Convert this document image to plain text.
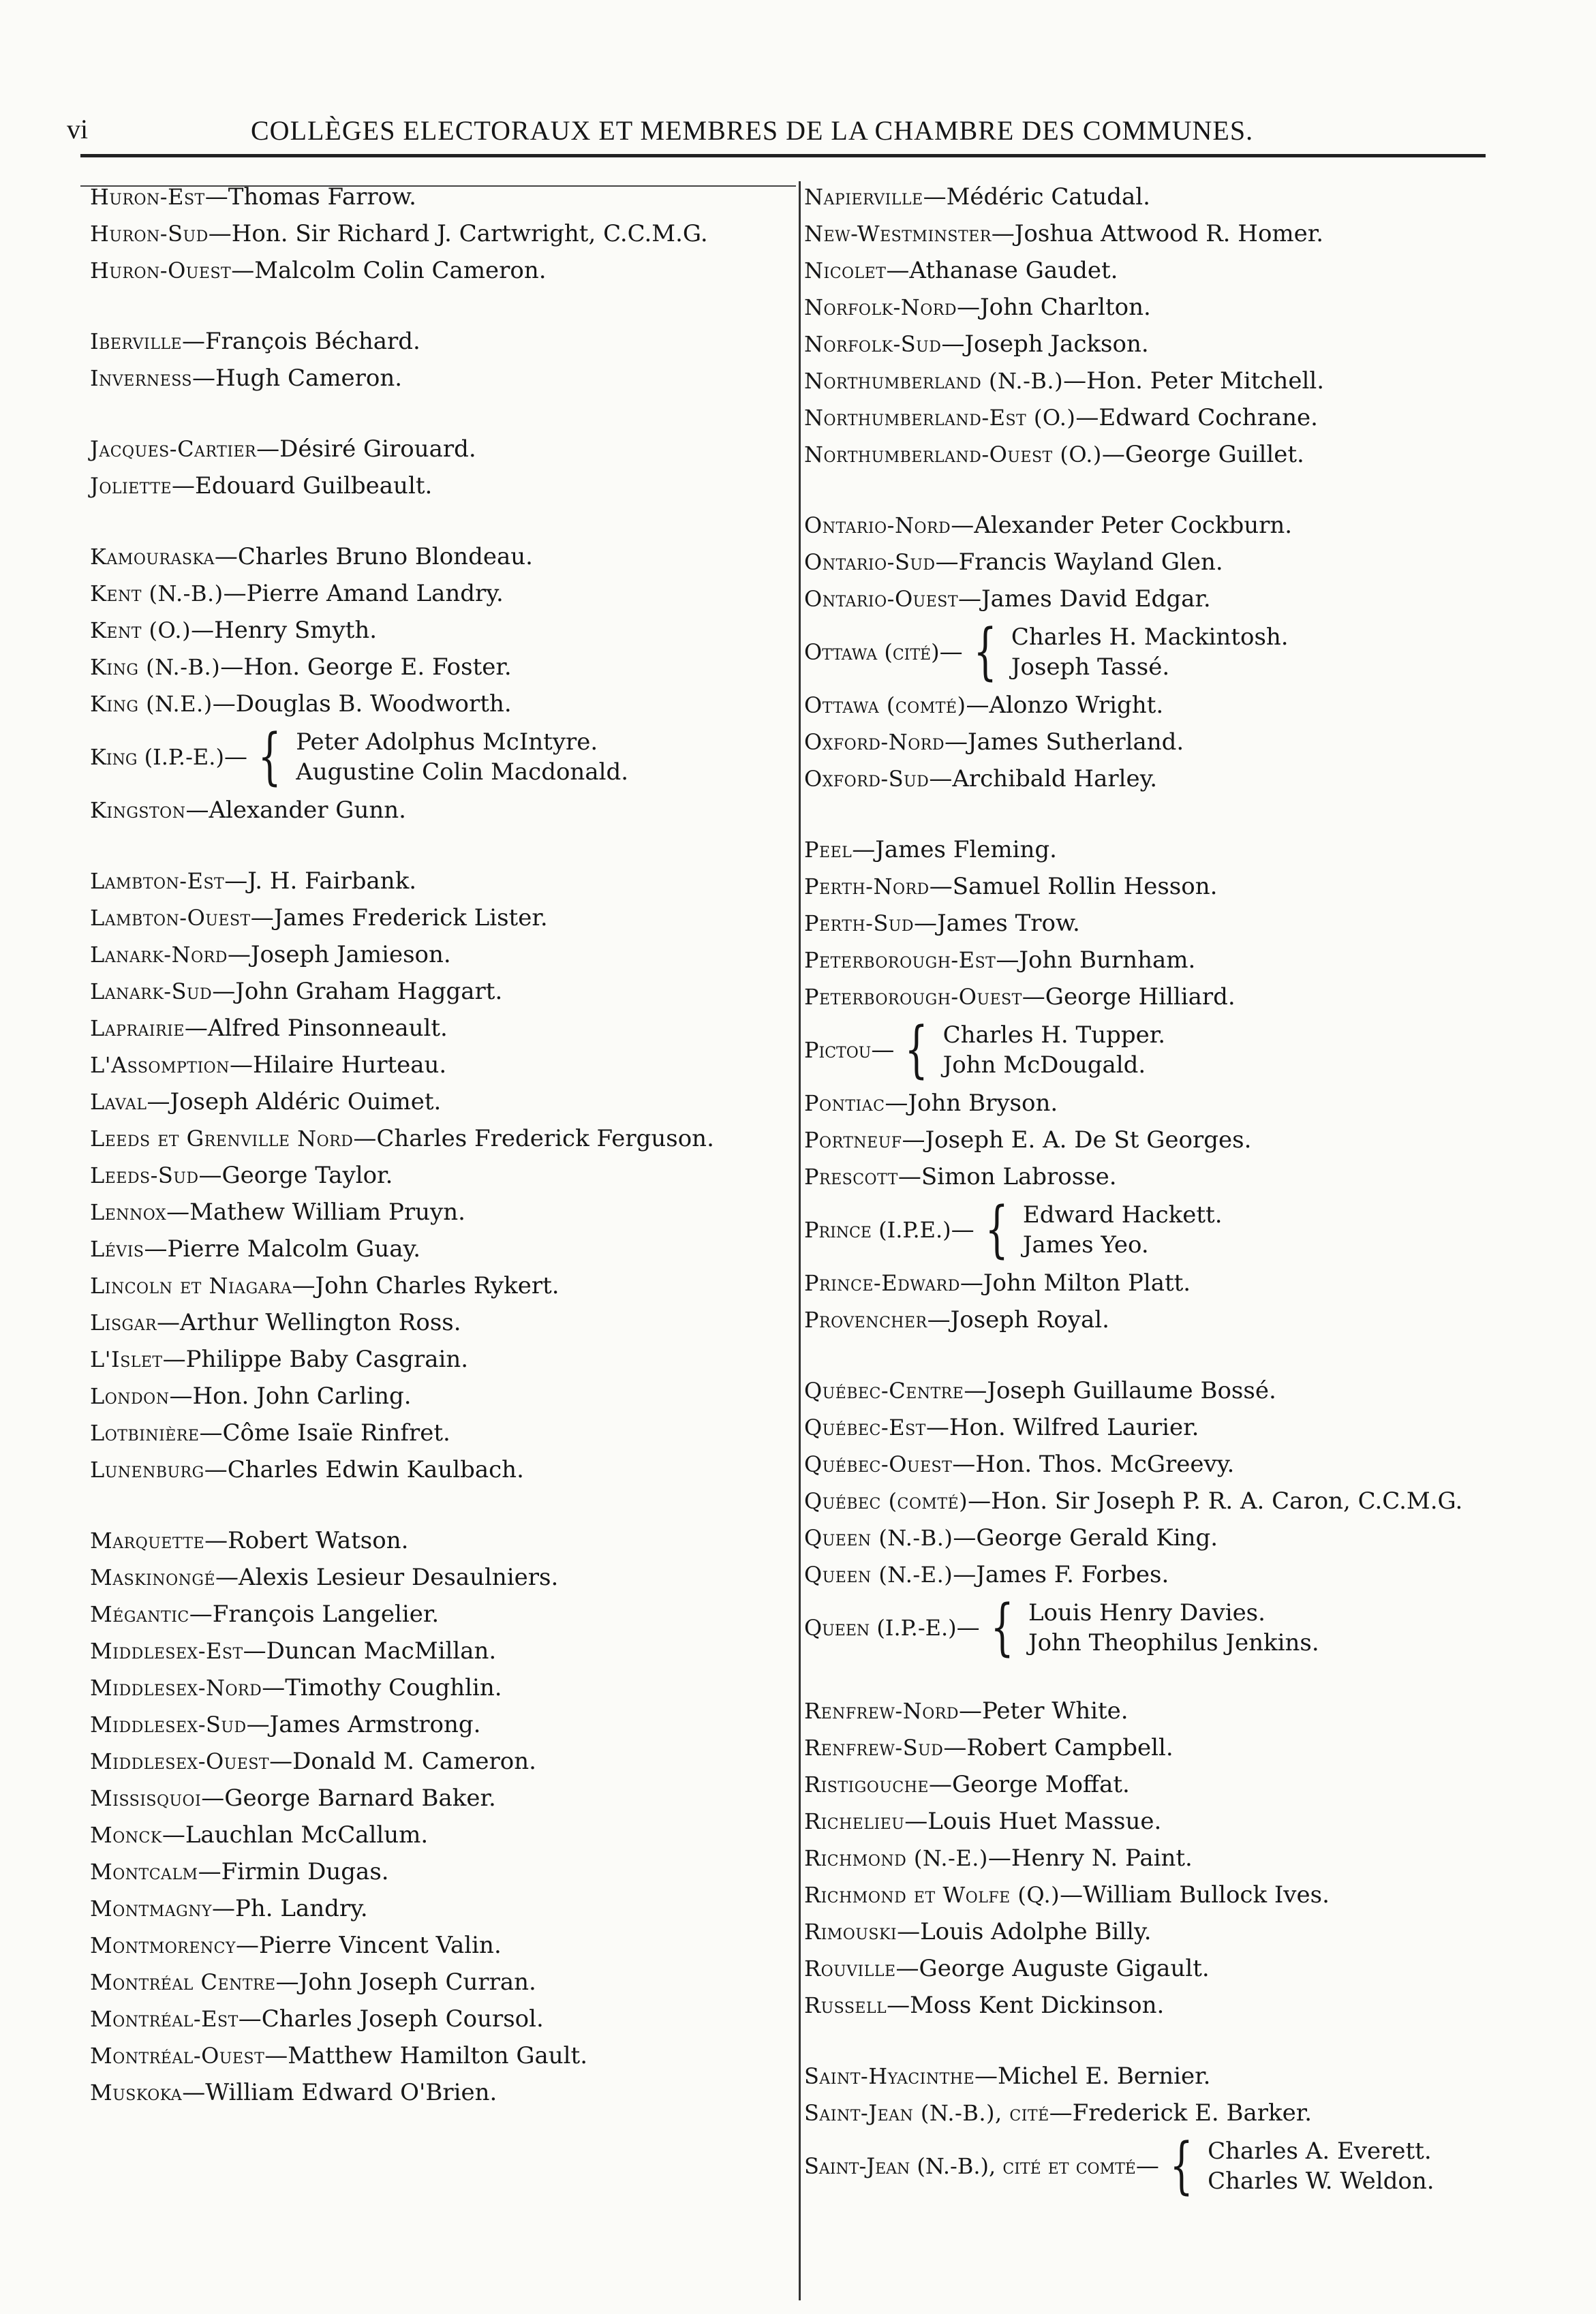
vi	COLLÈGES ELECTORAUX ET MEMBRES DE LA CHAMBRE DES COMMUNES.
Huron-Est — Thomas Farrow.
Huron-Sud — Hon. Sir Richard J. Cartwright, C.C.M.G.
Huron-Ouest — Malcolm Colin Cameron.
Iberville — François Béchard.
Inverness — Hugh Cameron.
Jacques-Cartier — Désiré Girouard.
Joliette — Edouard Guilbeault.
Kamouraska — Charles Bruno Blondeau.
Kent (N.-B.) — Pierre Amand Landry.
Kent (O.) — Henry Smyth.
King (N.-B.) — Hon. George E. Foster.
King (N.E.) — Douglas B. Woodworth.
King (I.P.-E.) — { Peter Adolphus McIntyre.
Augustine Colin Macdonald.
Kingston — Alexander Gunn.
Lambton-Est — J. H. Fairbank.
Lambton-Ouest — James Frederick Lister.
Lanark-Nord — Joseph Jamieson.
Lanark-Sud — John Graham Haggart.
Laprairie — Alfred Pinsonneault.
L'Assomption — Hilaire Hurteau.
Laval — Joseph Aldéric Ouimet.
Leeds et Grenville Nord — Charles Frederick Ferguson.
Leeds-Sud — George Taylor.
Lennox — Mathew William Pruyn.
Lévis — Pierre Malcolm Guay.
Lincoln et Niagara — John Charles Rykert.
Lisgar — Arthur Wellington Ross.
L'Islet — Philippe Baby Casgrain.
London — Hon. John Carling.
Lotbinière — Côme Isaïe Rinfret.
Lunenburg — Charles Edwin Kaulbach.
Marquette — Robert Watson.
Maskinongé — Alexis Lesieur Desaulniers.
Mégantic — François Langelier.
Middlesex-Est — Duncan MacMillan.
Middlesex-Nord — Timothy Coughlin.
Middlesex-Sud — James Armstrong.
Middlesex-Ouest — Donald M. Cameron.
Missisquoi — George Barnard Baker.
Monck — Lauchlan McCallum.
Montcalm — Firmin Dugas.
Montmagny — Ph. Landry.
Montmorency — Pierre Vincent Valin.
Montréal Centre — John Joseph Curran.
Montréal-Est — Charles Joseph Coursol.
Montréal-Ouest — Matthew Hamilton Gault.
Muskoka — William Edward O'Brien.
Napierville — Médéric Catudal.
New-Westminster — Joshua Attwood R. Homer.
Nicolet — Athanase Gaudet.
Norfolk-Nord — John Charlton.
Norfolk-Sud — Joseph Jackson.
Northumberland (N.-B.) — Hon. Peter Mitchell.
Northumberland-Est (O.) — Edward Cochrane.
Northumberland-Ouest (O.) — George Guillet.
Ontario-Nord — Alexander Peter Cockburn.
Ontario-Sud — Francis Wayland Glen.
Ontario-Ouest — James David Edgar.
Ottawa (cité) — { Charles H. Mackintosh.
Joseph Tassé.
Ottawa (comté) — Alonzo Wright.
Oxford-Nord — James Sutherland.
Oxford-Sud — Archibald Harley.
Peel — James Fleming.
Perth-Nord — Samuel Rollin Hesson.
Perth-Sud — James Trow.
Peterborough-Est — John Burnham.
Peterborough-Ouest — George Hilliard.
Pictou — { Charles H. Tupper.
John McDougald.
Pontiac — John Bryson.
Portneuf — Joseph E. A. De St Georges.
Prescott — Simon Labrosse.
Prince (I.P.E.) — { Edward Hackett.
James Yeo.
Prince-Edward — John Milton Platt.
Provencher — Joseph Royal.
Québec-Centre — Joseph Guillaume Bossé.
Québec-Est — Hon. Wilfred Laurier.
Québec-Ouest — Hon. Thos. McGreevy.
Québec (comté) — Hon. Sir Joseph P. R. A. Caron, C.C.M.G.
Queen (N.-B.) — George Gerald King.
Queen (N.-E.) — James F. Forbes.
Queen (I.P.-E.) — { Louis Henry Davies.
John Theophilus Jenkins.
Renfrew-Nord — Peter White.
Renfrew-Sud — Robert Campbell.
Ristigouche — George Moffat.
Richelieu — Louis Huet Massue.
Richmond (N.-E.) — Henry N. Paint.
Richmond et Wolfe (Q.) — William Bullock Ives.
Rimouski — Louis Adolphe Billy.
Rouville — George Auguste Gigault.
Russell — Moss Kent Dickinson.
Saint-Hyacinthe — Michel E. Bernier.
Saint-Jean (N.-B.), cité — Frederick E. Barker.
Saint-Jean (N.-B.), cité et comté — { Charles A. Everett.
Charles W. Weldon.
